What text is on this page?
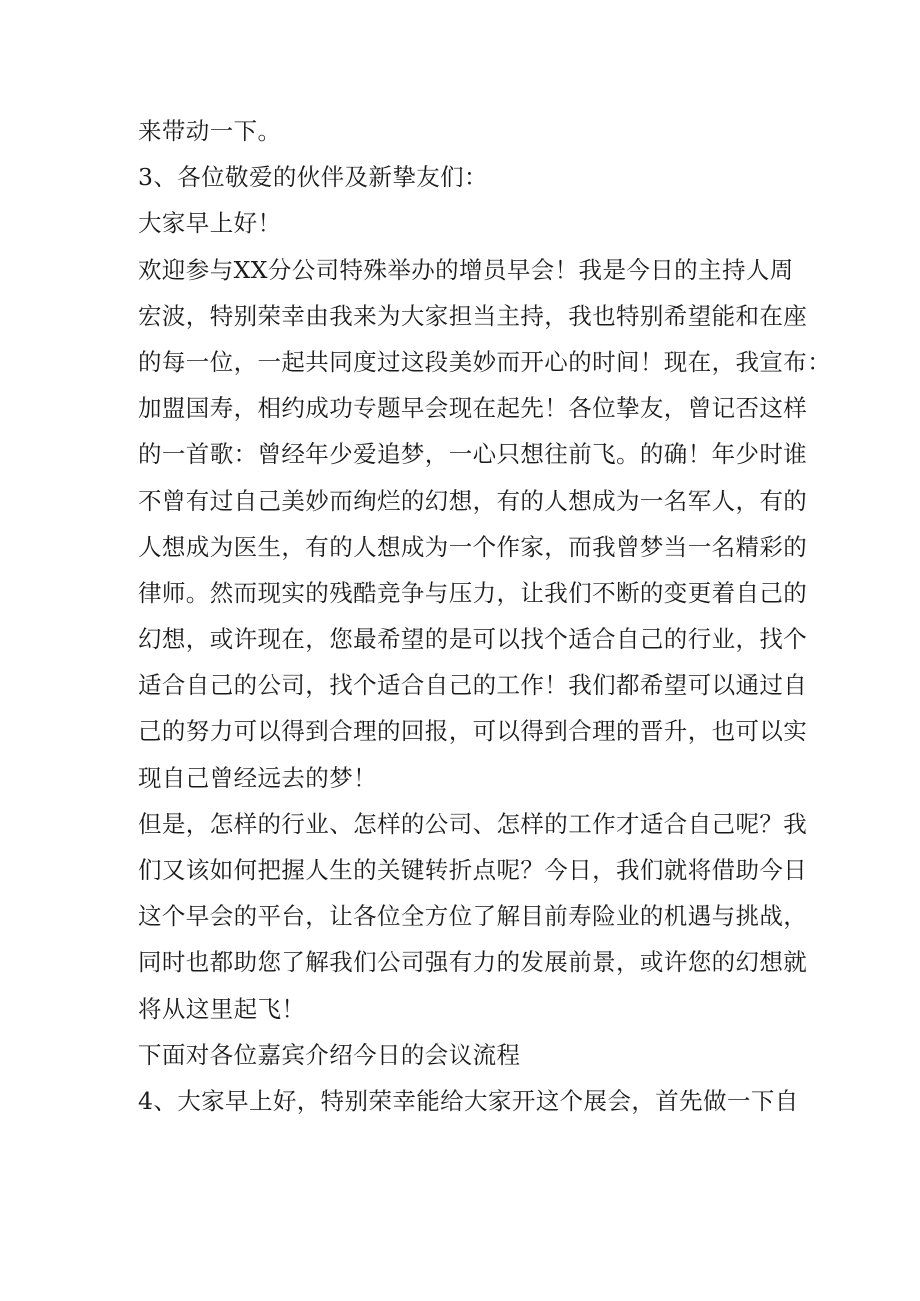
来带动一下。
3、各位敬爱的伙伴及新挚友们：
大家早上好！
欢迎参与XX分公司特殊举办的增员早会！我是今日的主持人周
宏波，特别荣幸由我来为大家担当主持，我也特别希望能和在座
的每一位，一起共同度过这段美妙而开心的时间！现在，我宣布：
加盟国寿，相约成功专题早会现在起先！各位挚友，曾记否这样
的一首歌：曾经年少爱追梦，一心只想往前飞。的确！年少时谁
不曾有过自己美妙而绚烂的幻想，有的人想成为一名军人，有的
人想成为医生，有的人想成为一个作家，而我曾梦当一名精彩的
律师。然而现实的残酷竞争与压力，让我们不断的变更着自己的
幻想，或许现在，您最希望的是可以找个适合自己的行业，找个
适合自己的公司，找个适合自己的工作！我们都希望可以通过自
己的努力可以得到合理的回报，可以得到合理的晋升，也可以实
现自己曾经远去的梦！
但是，怎样的行业、怎样的公司、怎样的工作才适合自己呢？我
们又该如何把握人生的关键转折点呢？今日，我们就将借助今日
这个早会的平台，让各位全方位了解目前寿险业的机遇与挑战，
同时也都助您了解我们公司强有力的发展前景，或许您的幻想就
将从这里起飞！
下面对各位嘉宾介绍今日的会议流程
4、大家早上好，特别荣幸能给大家开这个展会，首先做一下自
